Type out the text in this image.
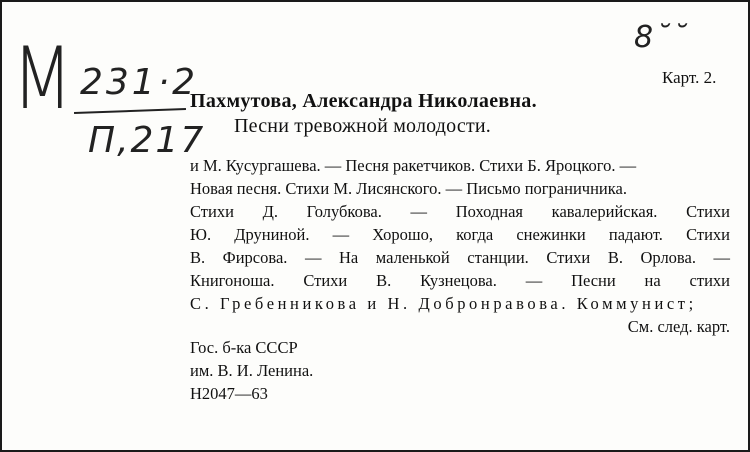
8˘˘
М 231·2
П,217
Карт. 2.
Пахмутова, Александра Николаевна.
Песни тревожной молодости.
и М. Кусургашева. — Песня ракетчиков. Стихи Б. Яроцкого. —
Новая песня. Стихи М. Лисянского. — Письмо пограничника.
Стихи Д. Голубкова. — Походная кавалерийская. Стихи
Ю. Друниной. — Хорошо, когда снежинки падают. Стихи
В. Фирсова. — На маленькой станции. Стихи В. Орлова. —
Книгоноша. Стихи В. Кузнецова. — Песни на стихи
С. Гребенникова и Н. Добронравова. Коммунист;
См. след. карт.
Гос. б-ка СССР
им. В. И. Ленина.
Н2047—63
